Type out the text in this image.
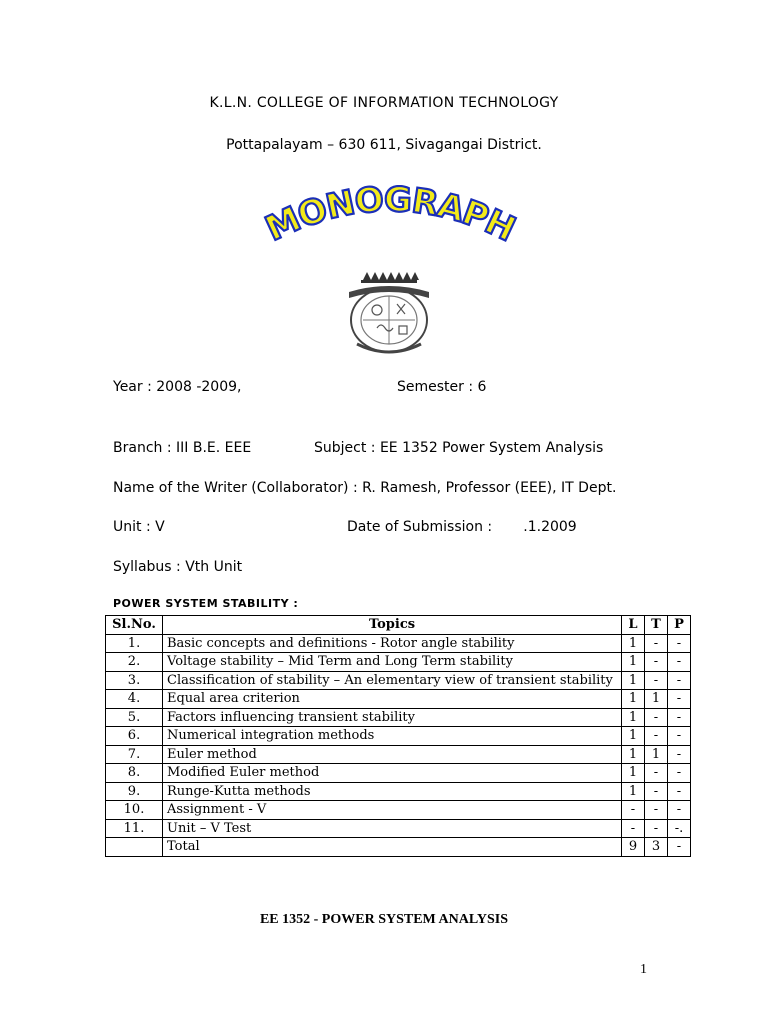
K.L.N. COLLEGE OF INFORMATION TECHNOLOGY
Pottapalayam – 630 611, Sivagangai District.
MONOGRAPH
Year : 2008 -2009,	Semester : 6
Branch : III B.E. EEE	Subject : EE 1352 Power System Analysis
Name of the Writer (Collaborator) : R. Ramesh, Professor (EEE), IT Dept.
Unit : V	Date of Submission :       .1.2009
Syllabus : Vth Unit
POWER SYSTEM STABILITY :
Sl.No.	Topics	L	T	P
1.	Basic concepts and definitions - Rotor angle stability	1	-	-
2.	Voltage stability – Mid Term and Long Term stability	1	-	-
3.	Classification of stability – An elementary view of transient stability	1	-	-
4.	Equal area criterion	1	1	-
5.	Factors influencing transient stability	1	-	-
6.	Numerical integration methods	1	-	-
7.	Euler method	1	1	-
8.	Modified Euler method	1	-	-
9.	Runge-Kutta methods	1	-	-
10.	Assignment - V	-	-	-
11.	Unit – V Test	-	-	-.
	Total	9	3	-
EE 1352 - POWER SYSTEM ANALYSIS
1
